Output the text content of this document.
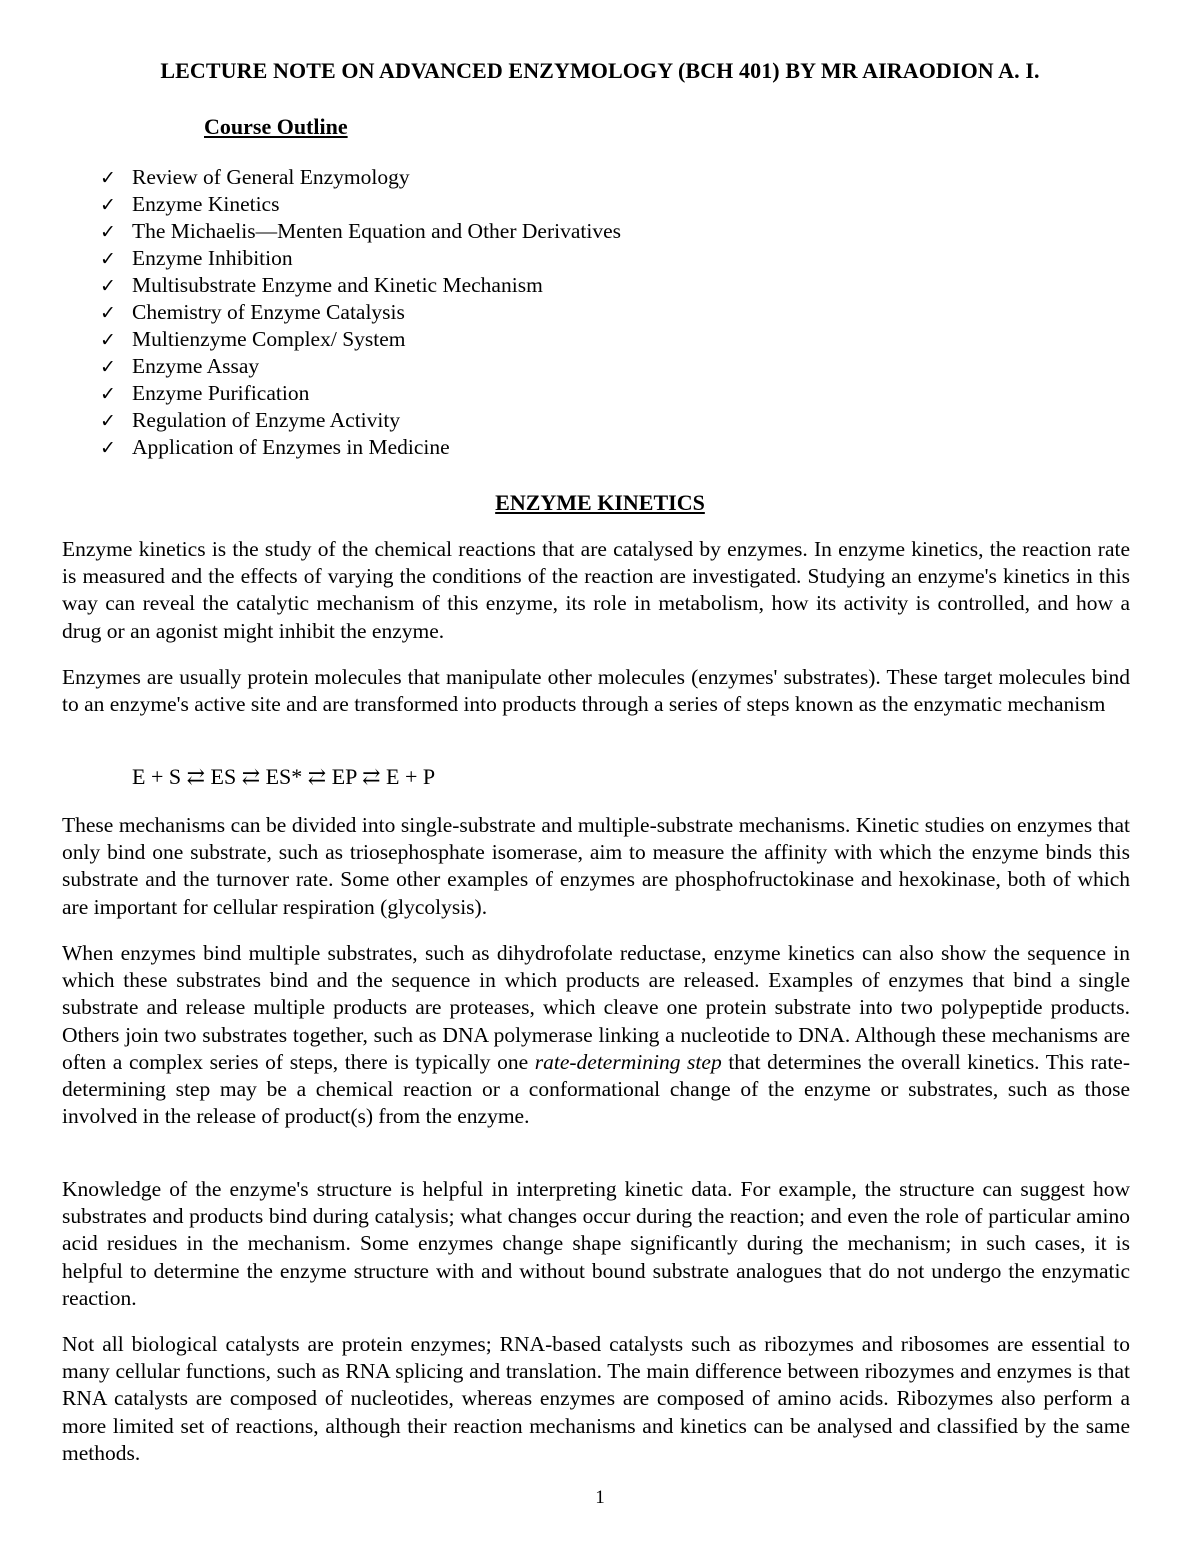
LECTURE NOTE ON ADVANCED ENZYMOLOGY (BCH 401) BY MR AIRAODION A. I.
Course Outline
✓ Review of General Enzymology
✓ Enzyme Kinetics
✓ The Michaelis—Menten Equation and Other Derivatives
✓ Enzyme Inhibition
✓ Multisubstrate Enzyme and Kinetic Mechanism
✓ Chemistry of Enzyme Catalysis
✓ Multienzyme Complex/ System
✓ Enzyme Assay
✓ Enzyme Purification
✓ Regulation of Enzyme Activity
✓ Application of Enzymes in Medicine
ENZYME KINETICS

Enzyme kinetics is the study of the chemical reactions that are catalysed by enzymes. In enzyme kinetics, the reaction rate is measured and the effects of varying the conditions of the reaction are investigated. Studying an enzyme's kinetics in this way can reveal the catalytic mechanism of this enzyme, its role in metabolism, how its activity is controlled, and how a drug or an agonist might inhibit the enzyme.

Enzymes are usually protein molecules that manipulate other molecules (enzymes' substrates). These target molecules bind to an enzyme's active site and are transformed into products through a series of steps known as the enzymatic mechanism

E + S ⇄ ES ⇄ ES* ⇄ EP ⇄ E + P

These mechanisms can be divided into single-substrate and multiple-substrate mechanisms. Kinetic studies on enzymes that only bind one substrate, such as triosephosphate isomerase, aim to measure the affinity with which the enzyme binds this substrate and the turnover rate. Some other examples of enzymes are phosphofructokinase and hexokinase, both of which are important for cellular respiration (glycolysis).

When enzymes bind multiple substrates, such as dihydrofolate reductase, enzyme kinetics can also show the sequence in which these substrates bind and the sequence in which products are released. Examples of enzymes that bind a single substrate and release multiple products are proteases, which cleave one protein substrate into two polypeptide products. Others join two substrates together, such as DNA polymerase linking a nucleotide to DNA. Although these mechanisms are often a complex series of steps, there is typically one rate-determining step that determines the overall kinetics. This rate-determining step may be a chemical reaction or a conformational change of the enzyme or substrates, such as those involved in the release of product(s) from the enzyme.

Knowledge of the enzyme's structure is helpful in interpreting kinetic data. For example, the structure can suggest how substrates and products bind during catalysis; what changes occur during the reaction; and even the role of particular amino acid residues in the mechanism. Some enzymes change shape significantly during the mechanism; in such cases, it is helpful to determine the enzyme structure with and without bound substrate analogues that do not undergo the enzymatic reaction.

Not all biological catalysts are protein enzymes; RNA-based catalysts such as ribozymes and ribosomes are essential to many cellular functions, such as RNA splicing and translation. The main difference between ribozymes and enzymes is that RNA catalysts are composed of nucleotides, whereas enzymes are composed of amino acids. Ribozymes also perform a more limited set of reactions, although their reaction mechanisms and kinetics can be analysed and classified by the same methods.

1
